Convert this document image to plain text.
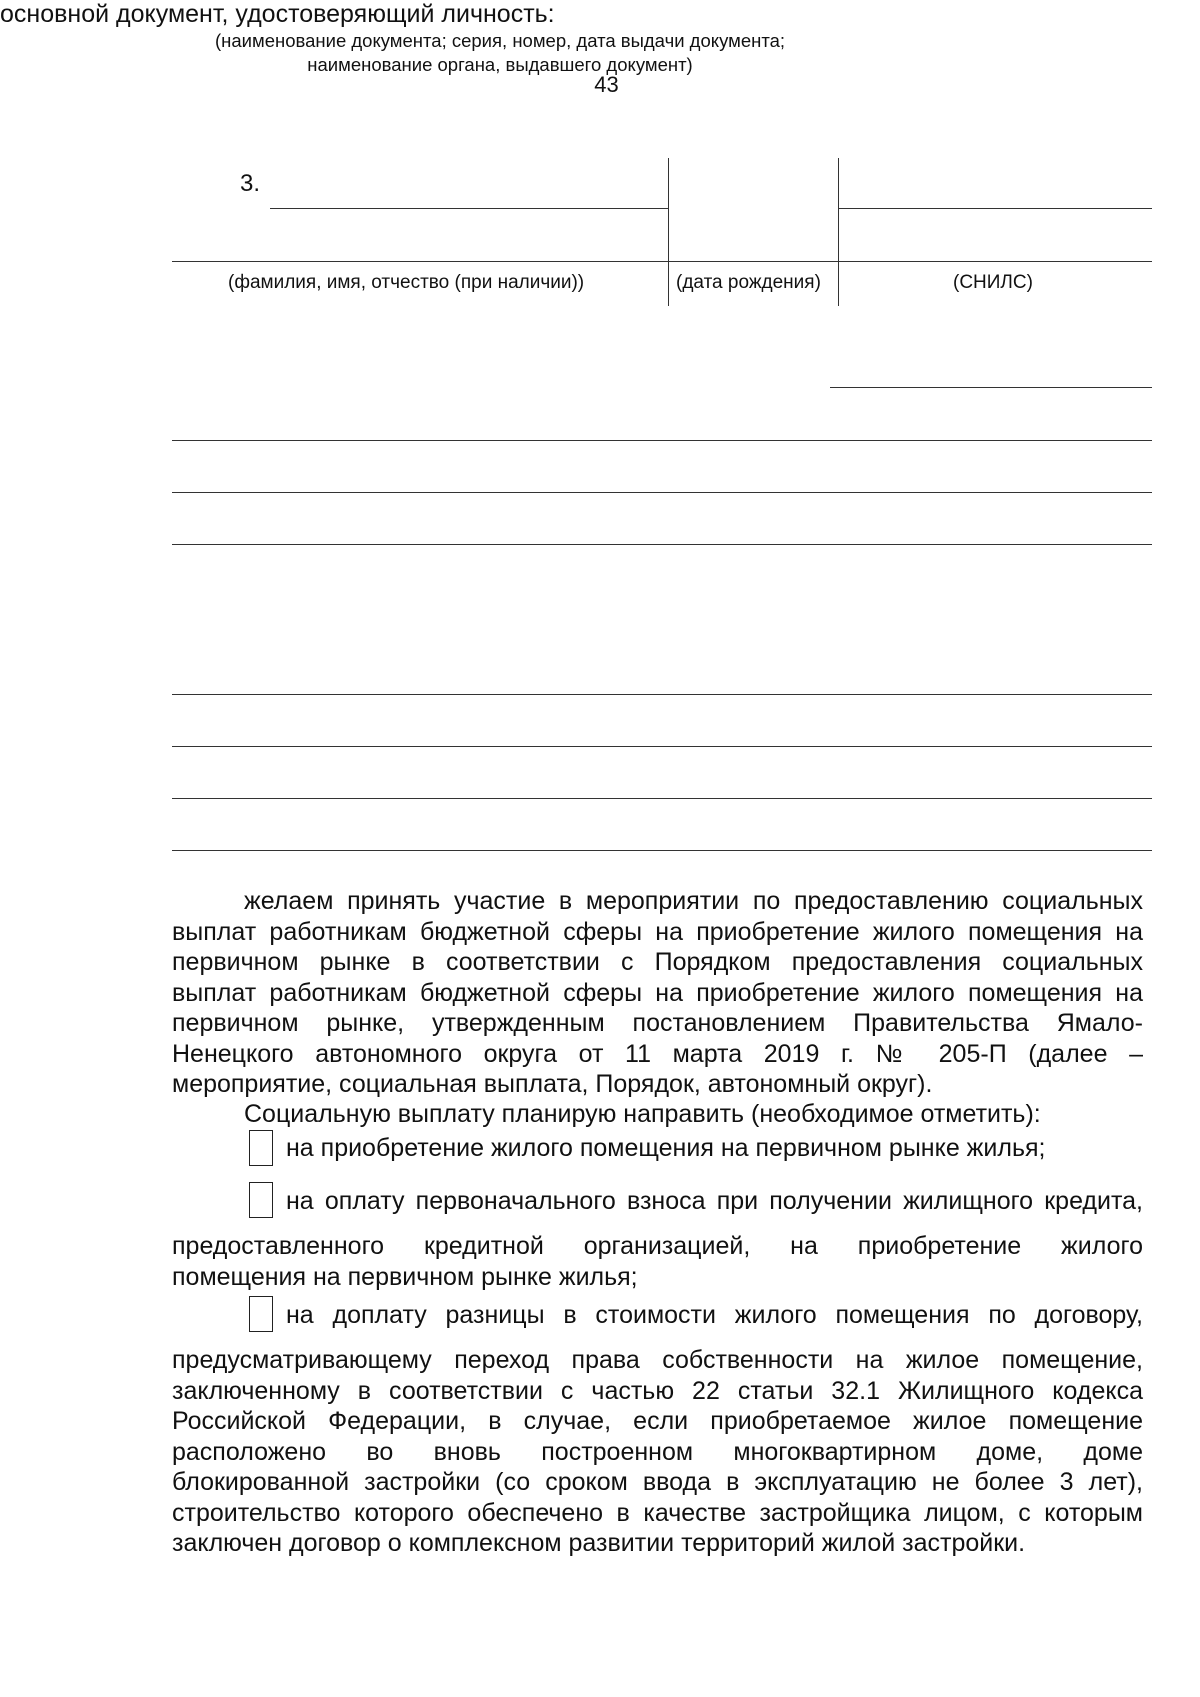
43
3.
(фамилия, имя, отчество (при наличии))	(дата рождения)	(СНИЛС)
основной документ, удостоверяющий личность:
(наименование документа; серия, номер, дата выдачи документа;
наименование органа, выдавшего документ)
желаем принять участие в мероприятии по предоставлению социальных
выплат работникам бюджетной сферы на приобретение жилого помещения на
первичном рынке в соответствии с Порядком предоставления социальных
выплат работникам бюджетной сферы на приобретение жилого помещения на
первичном рынке, утвержденным постановлением Правительства Ямало-
Ненецкого автономного округа от 11 марта 2019 г. № 205-П (далее –
мероприятие, социальная выплата, Порядок, автономный округ).
Социальную выплату планирую направить (необходимое отметить):
на приобретение жилого помещения на первичном рынке жилья;
на оплату первоначального взноса при получении жилищного кредита,
предоставленного кредитной организацией, на приобретение жилого
помещения на первичном рынке жилья;
на доплату разницы в стоимости жилого помещения по договору,
предусматривающему переход права собственности на жилое помещение,
заключенному в соответствии с частью 22 статьи 32.1 Жилищного кодекса
Российской Федерации, в случае, если приобретаемое жилое помещение
расположено во вновь построенном многоквартирном доме, доме
блокированной застройки (со сроком ввода в эксплуатацию не более 3 лет),
строительство которого обеспечено в качестве застройщика лицом, с которым
заключен договор о комплексном развитии территорий жилой застройки.
